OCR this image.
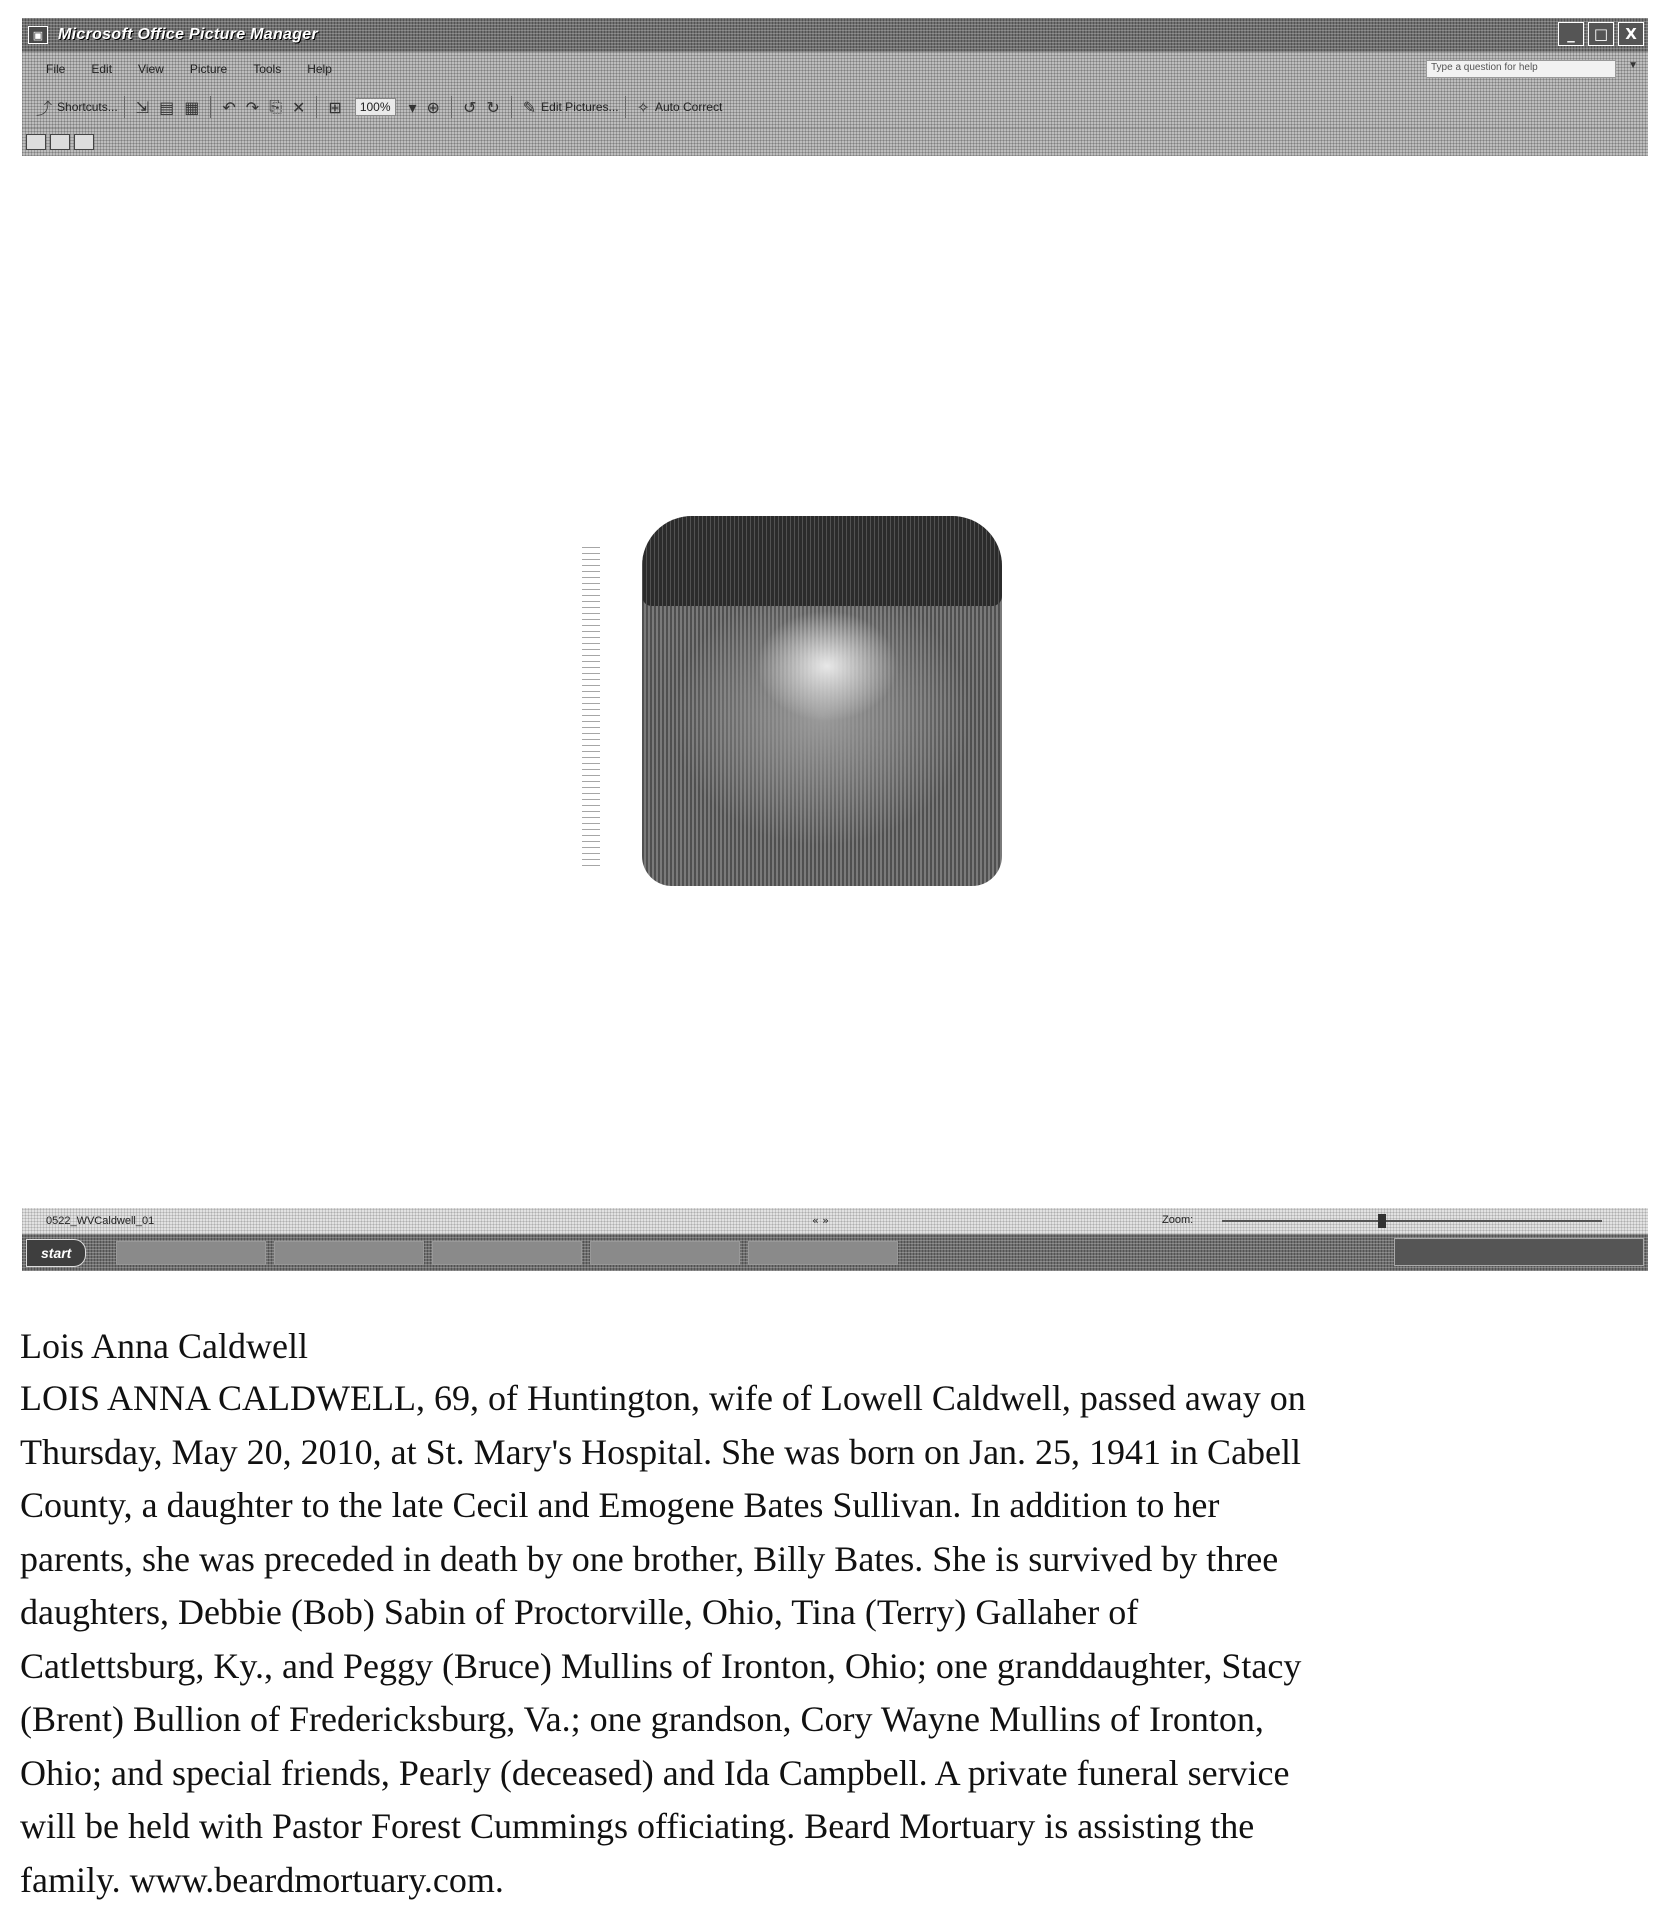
▣ Microsoft Office Picture Manager	_	□	X
File Edit View Picture Tools Help	Type a question for help	▼
⤴ Shortcuts... ⇲ ▤ ▦ ↶ ↷ ⎘ ✕ ⊞	100%	▾ ⊕ ↺ ↻ ✎ Edit Pictures... ✧ Auto Correct
0522_WVCaldwell_01	« »	Zoom:
start
Lois Anna Caldwell
LOIS ANNA CALDWELL, 69, of Huntington, wife of Lowell Caldwell, passed away on
Thursday, May 20, 2010, at St. Mary's Hospital. She was born on Jan. 25, 1941 in Cabell
County, a daughter to the late Cecil and Emogene Bates Sullivan. In addition to her
parents, she was preceded in death by one brother, Billy Bates. She is survived by three
daughters, Debbie (Bob) Sabin of Proctorville, Ohio, Tina (Terry) Gallaher of
Catlettsburg, Ky., and Peggy (Bruce) Mullins of Ironton, Ohio; one granddaughter, Stacy
(Brent) Bullion of Fredericksburg, Va.; one grandson, Cory Wayne Mullins of Ironton,
Ohio; and special friends, Pearly (deceased) and Ida Campbell. A private funeral service
will be held with Pastor Forest Cummings officiating. Beard Mortuary is assisting the
family. www.beardmortuary.com.
